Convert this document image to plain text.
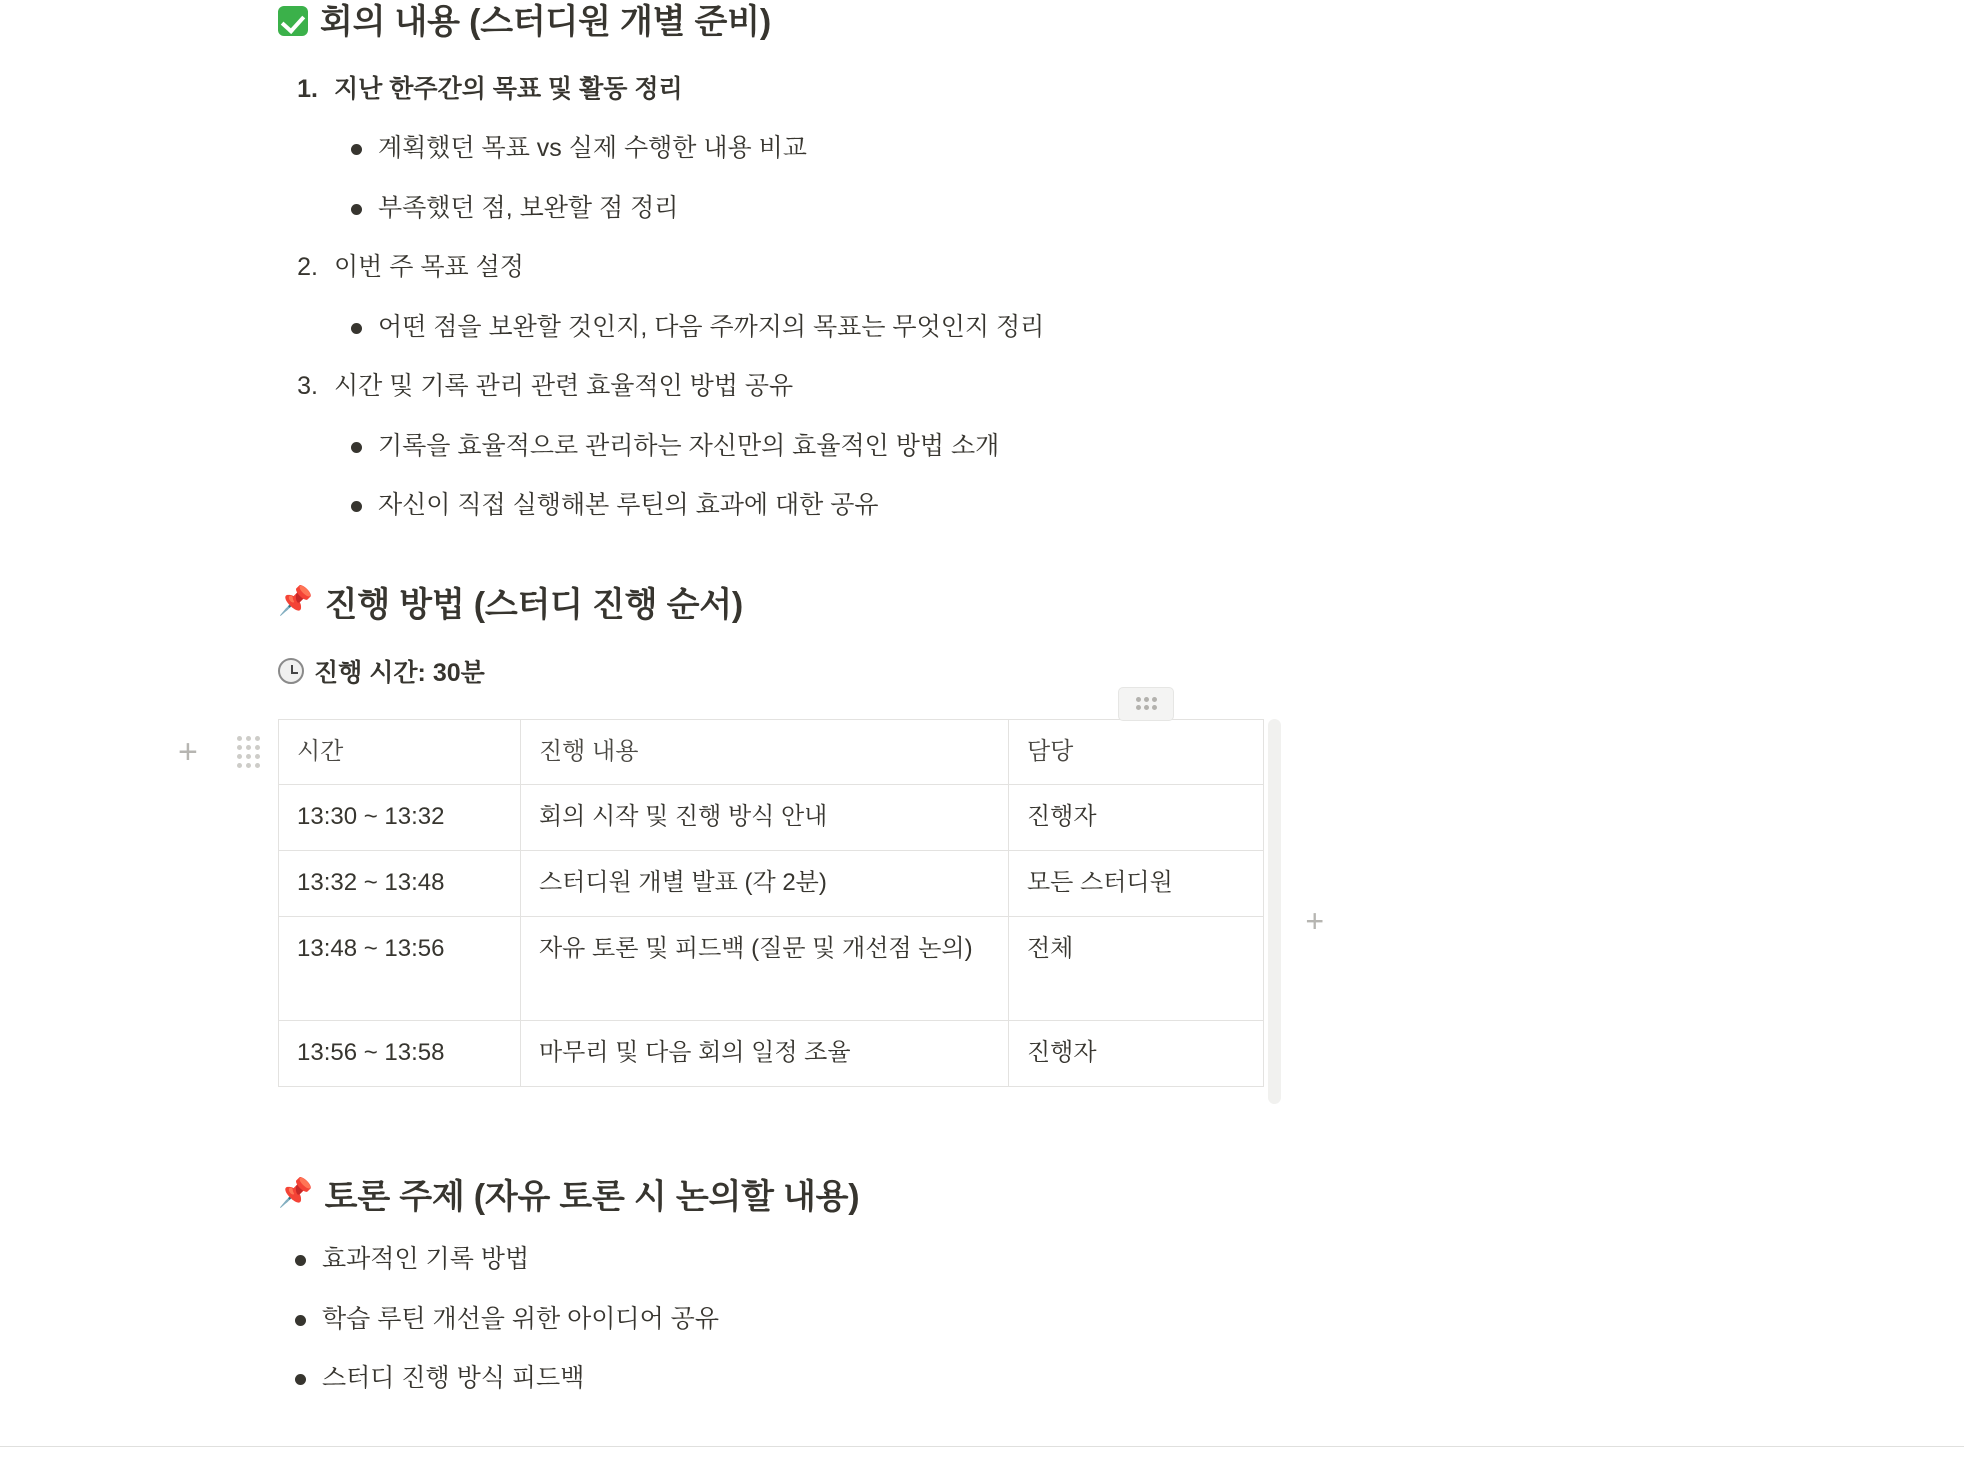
회의 내용 (스터디원 개별 준비)
1. 지난 한주간의 목표 및 활동 정리
계획했던 목표 vs 실제 수행한 내용 비교
부족했던 점, 보완할 점 정리
2. 이번 주 목표 설정
어떤 점을 보완할 것인지, 다음 주까지의 목표는 무엇인지 정리
3. 시간 및 기록 관리 관련 효율적인 방법 공유
기록을 효율적으로 관리하는 자신만의 효율적인 방법 소개
자신이 직접 실행해본 루틴의 효과에 대한 공유
📌 진행 방법 (스터디 진행 순서)
진행 시간: 30분
+
+
시간	진행 내용	담당
13:30 ~ 13:32	회의 시작 및 진행 방식 안내	진행자
13:32 ~ 13:48	스터디원 개별 발표 (각 2분)	모든 스터디원
13:48 ~ 13:56	자유 토론 및 피드백 (질문 및 개선점 논의)	전체
13:56 ~ 13:58	마무리 및 다음 회의 일정 조율	진행자
📌 토론 주제 (자유 토론 시 논의할 내용)
효과적인 기록 방법
학습 루틴 개선을 위한 아이디어 공유
스터디 진행 방식 피드백
